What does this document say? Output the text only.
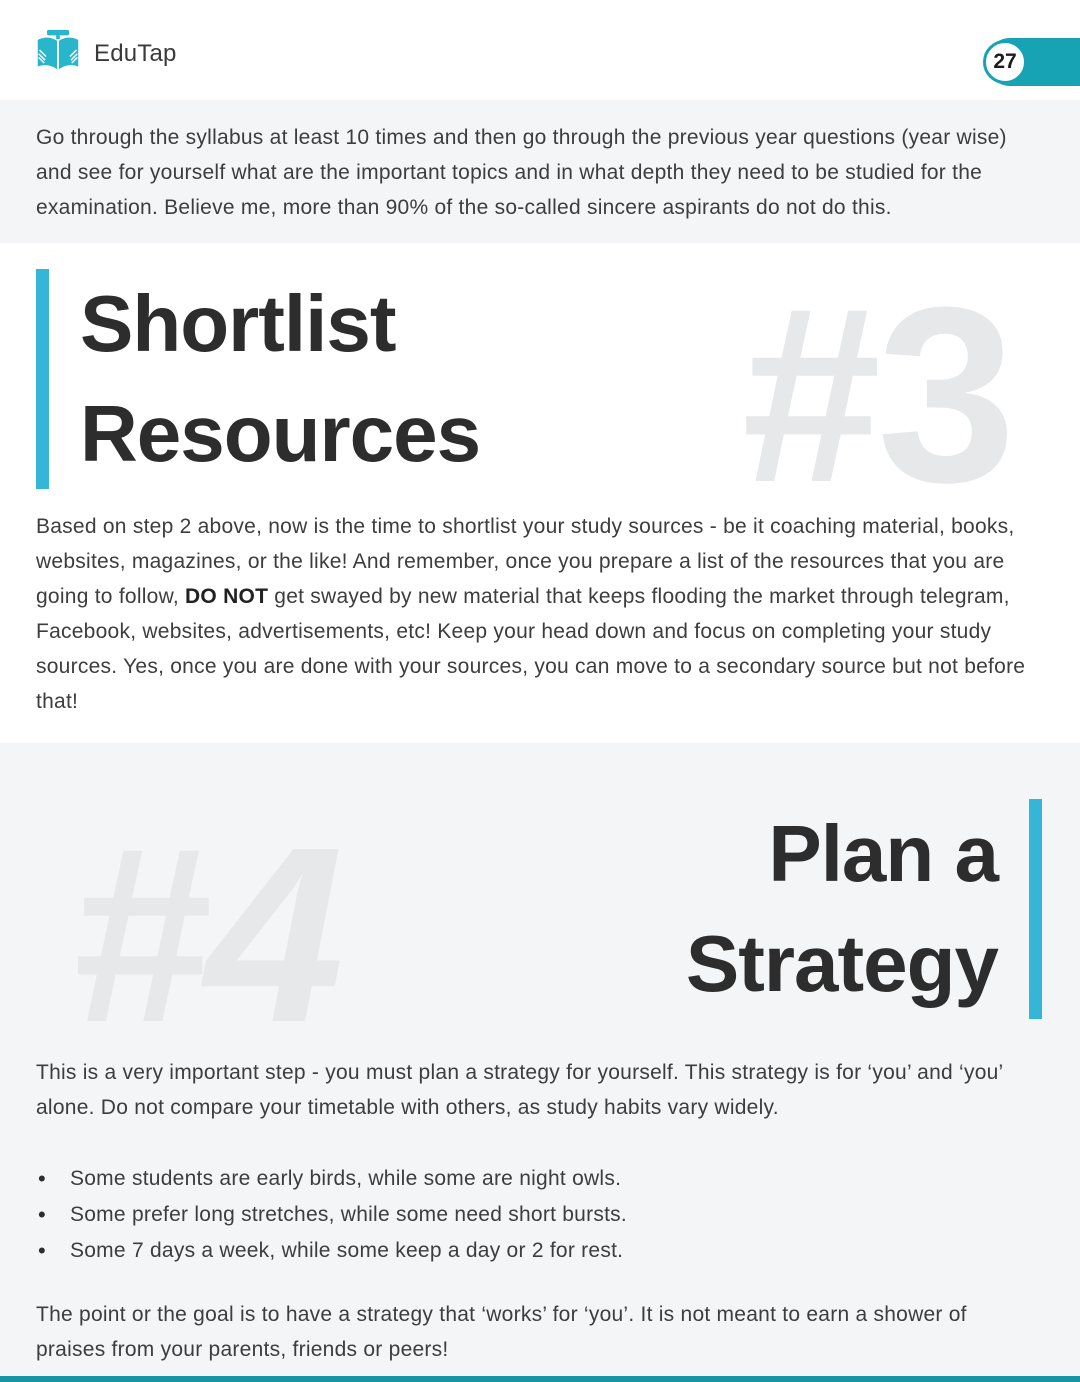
EduTap	27

Go through the syllabus at least 10 times and then go through the previous year questions (year wise) and see for yourself what are the important topics and in what depth they need to be studied for the examination. Believe me, more than 90% of the so-called sincere aspirants do not do this.

#3
Shortlist
Resources

Based on step 2 above, now is the time to shortlist your study sources - be it coaching material, books, websites, magazines, or the like! And remember, once you prepare a list of the resources that you are going to follow, DO NOT get swayed by new material that keeps flooding the market through telegram, Facebook, websites, advertisements, etc! Keep your head down and focus on completing your study sources. Yes, once you are done with your sources, you can move to a secondary source but not before that!

#4	Plan a
Strategy

This is a very important step - you must plan a strategy for yourself. This strategy is for ‘you’ and ‘you’ alone. Do not compare your timetable with others, as study habits vary widely.

• Some students are early birds, while some are night owls.
• Some prefer long stretches, while some need short bursts.
• Some 7 days a week, while some keep a day or 2 for rest.

The point or the goal is to have a strategy that ‘works’ for ‘you’. It is not meant to earn a shower of praises from your parents, friends or peers!
